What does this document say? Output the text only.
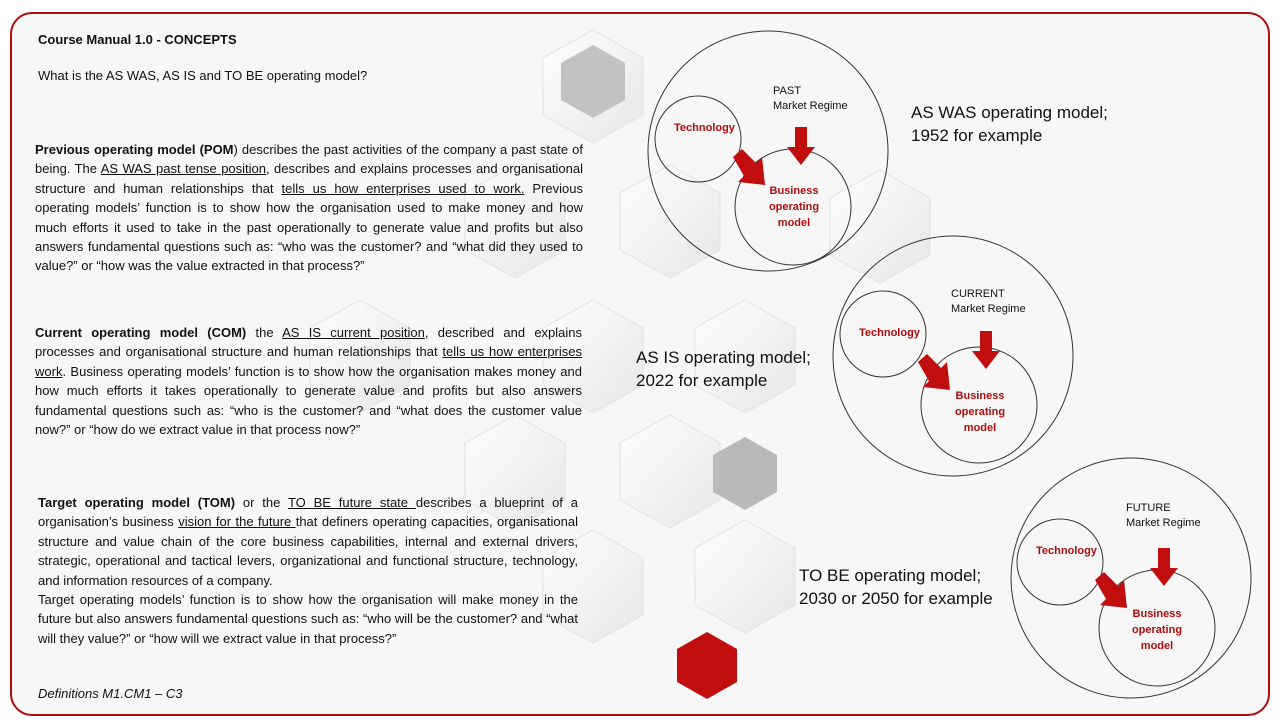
Course Manual 1.0 - CONCEPTS
What is the AS WAS, AS IS and TO BE operating model?
Previous operating model (POM) describes the past activities of the company a past state of being. The AS WAS past tense position, describes and explains processes and organisational structure and human relationships that tells us how enterprises used to work. Previous operating models’ function is to show how the organisation used to make money and how much efforts it used to take in the past operationally to generate value and profits but also answers fundamental questions such as: “who was the customer? and “what did they used to value?” or “how was the value extracted in that process?”
Current operating model (COM) the AS IS current position, described and explains processes and organisational structure and human relationships that tells us how enterprises work. Business operating models’ function is to show how the organisation makes money and how much efforts it takes operationally to generate value and profits but also answers fundamental questions such as: “who is the customer? and “what does the customer value now?” or “how do we extract value in that process now?”
Target operating model (TOM) or the TO BE future state describes a blueprint of a organisation’s business vision for the future that definers operating capacities, organisational structure and value chain of the core business capabilities, internal and external drivers, strategic, operational and tactical levers, organizational and functional structure, technology, and information resources of a company.
Target operating models’ function is to show how the organisation will make money in the future but also answers fundamental questions such as: “who will be the customer? and “what will they value?” or “how will we extract value in that process?”
Definitions M1.CM1 – C3
PAST
Market Regime
Technology
Business
operating
model
AS WAS operating model;
1952 for example
CURRENT
Market Regime
Technology
Business
operating
model
AS IS operating model;
2022 for example
FUTURE
Market Regime
Technology
Business
operating
model
TO BE operating model;
2030 or 2050 for example
